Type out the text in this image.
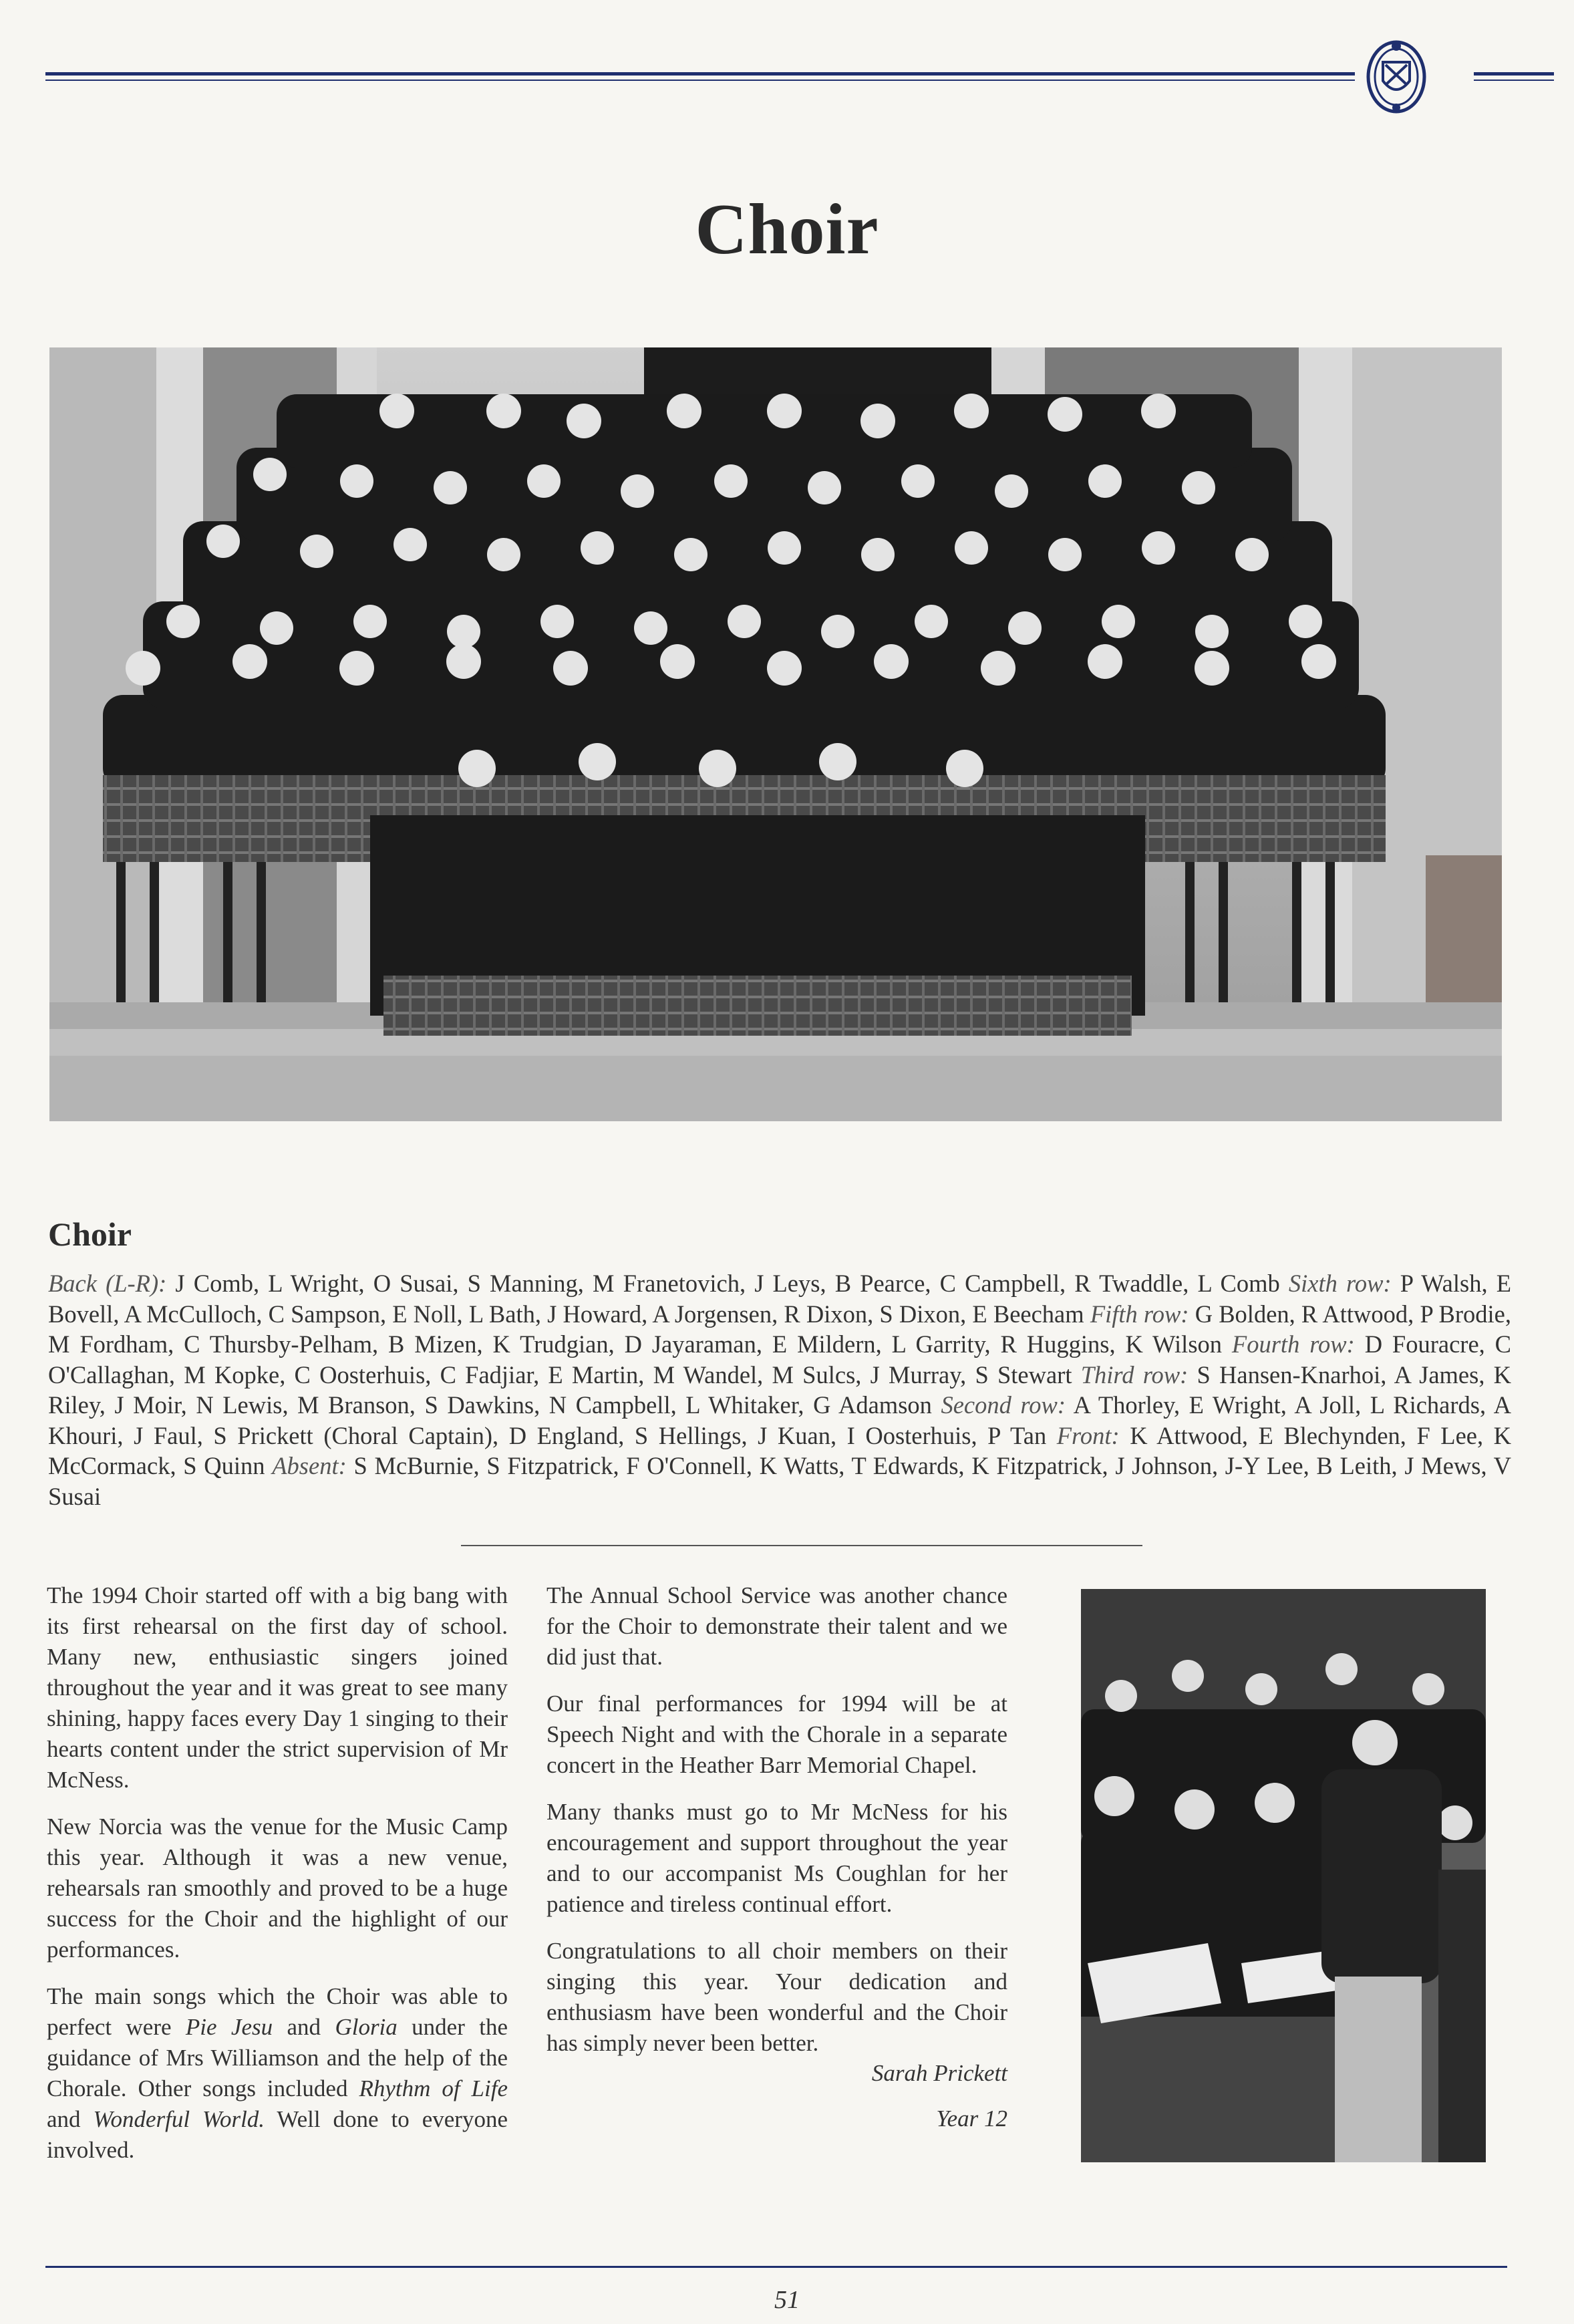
Choir
Choir
Back (L-R): J Comb, L Wright, O Susai, S Manning, M Franetovich, J Leys, B Pearce, C Campbell, R Twaddle, L Comb Sixth row: P Walsh, E Bovell, A McCulloch, C Sampson, E Noll, L Bath, J Howard, A Jorgensen, R Dixon, S Dixon, E Beecham Fifth row: G Bolden, R Attwood, P Brodie, M Fordham, C Thursby-Pelham, B Mizen, K Trudgian, D Jayaraman, E Mildern, L Garrity, R Huggins, K Wilson Fourth row: D Fouracre, C O'Callaghan, M Kopke, C Oosterhuis, C Fadjiar, E Martin, M Wandel, M Sulcs, J Murray, S Stewart Third row: S Hansen-Knarhoi, A James, K Riley, J Moir, N Lewis, M Branson, S Dawkins, N Campbell, L Whitaker, G Adamson Second row: A Thorley, E Wright, A Joll, L Richards, A Khouri, J Faul, S Prickett (Choral Captain), D England, S Hellings, J Kuan, I Oosterhuis, P Tan Front: K Attwood, E Blechynden, F Lee, K McCormack, S Quinn Absent: S McBurnie, S Fitzpatrick, F O'Connell, K Watts, T Edwards, K Fitzpatrick, J Johnson, J-Y Lee, B Leith, J Mews, V Susai

The 1994 Choir started off with a big bang with its first rehearsal on the first day of school. Many new, enthusiastic singers joined throughout the year and it was great to see many shining, happy faces every Day 1 singing to their hearts content under the strict supervision of Mr McNess.

New Norcia was the venue for the Music Camp this year. Although it was a new venue, rehearsals ran smoothly and proved to be a huge success for the Choir and the highlight of our performances.

The main songs which the Choir was able to perfect were Pie Jesu and Gloria under the guidance of Mrs Williamson and the help of the Chorale. Other songs included Rhythm of Life and Wonderful World. Well done to everyone involved.

The Annual School Service was another chance for the Choir to demonstrate their talent and we did just that.

Our final performances for 1994 will be at Speech Night and with the Chorale in a separate concert in the Heather Barr Memorial Chapel.

Many thanks must go to Mr McNess for his encouragement and support throughout the year and to our accompanist Ms Coughlan for her patience and tireless continual effort.

Congratulations to all choir members on their singing this year. Your dedication and enthusiasm have been wonderful and the Choir has simply never been better.

Sarah Prickett

Year 12

51
